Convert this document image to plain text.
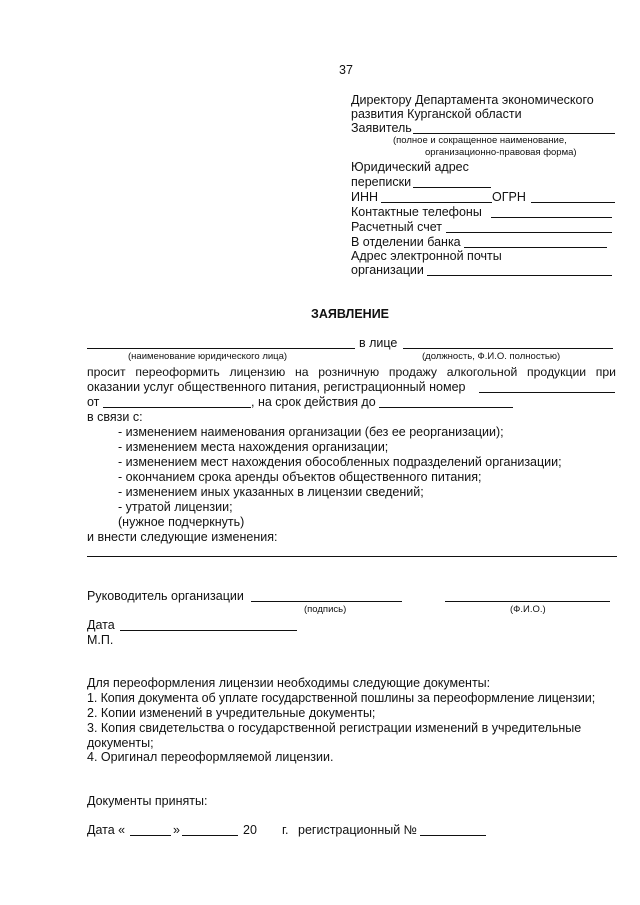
37
Директору Департамента экономического
развития Курганской области
Заявитель
(полное и сокращенное наименование,
организационно-правовая форма)
Юридический адрес
переписки
ИНН	ОГРН
Контактные телефоны
Расчетный счет
В отделении банка
Адрес электронной почты
организации
ЗАЯВЛЕНИЕ
в лице
(наименование юридического лица)	(должность, Ф.И.О. полностью)
просит переоформить лицензию на розничную продажу алкогольной продукции при
оказании услуг общественного питания, регистрационный номер
от	, на срок действия до
в связи с:
- изменением наименования организации (без ее реорганизации);
- изменением места нахождения организации;
- изменением мест нахождения обособленных подразделений организации;
- окончанием срока аренды объектов общественного питания;
- изменением иных указанных в лицензии сведений;
- утратой лицензии;
(нужное подчеркнуть)
и внести следующие изменения:
Руководитель организации
(подпись)	(Ф.И.О.)
Дата
М.П.
Для переоформления лицензии необходимы следующие документы:
1. Копия документа об уплате государственной пошлины за переоформление лицензии;
2. Копии изменений в учредительные документы;
3. Копия свидетельства о государственной регистрации изменений в учредительные
документы;
4. Оригинал переоформляемой лицензии.
Документы приняты:
Дата «	»	20 г. регистрационный №
